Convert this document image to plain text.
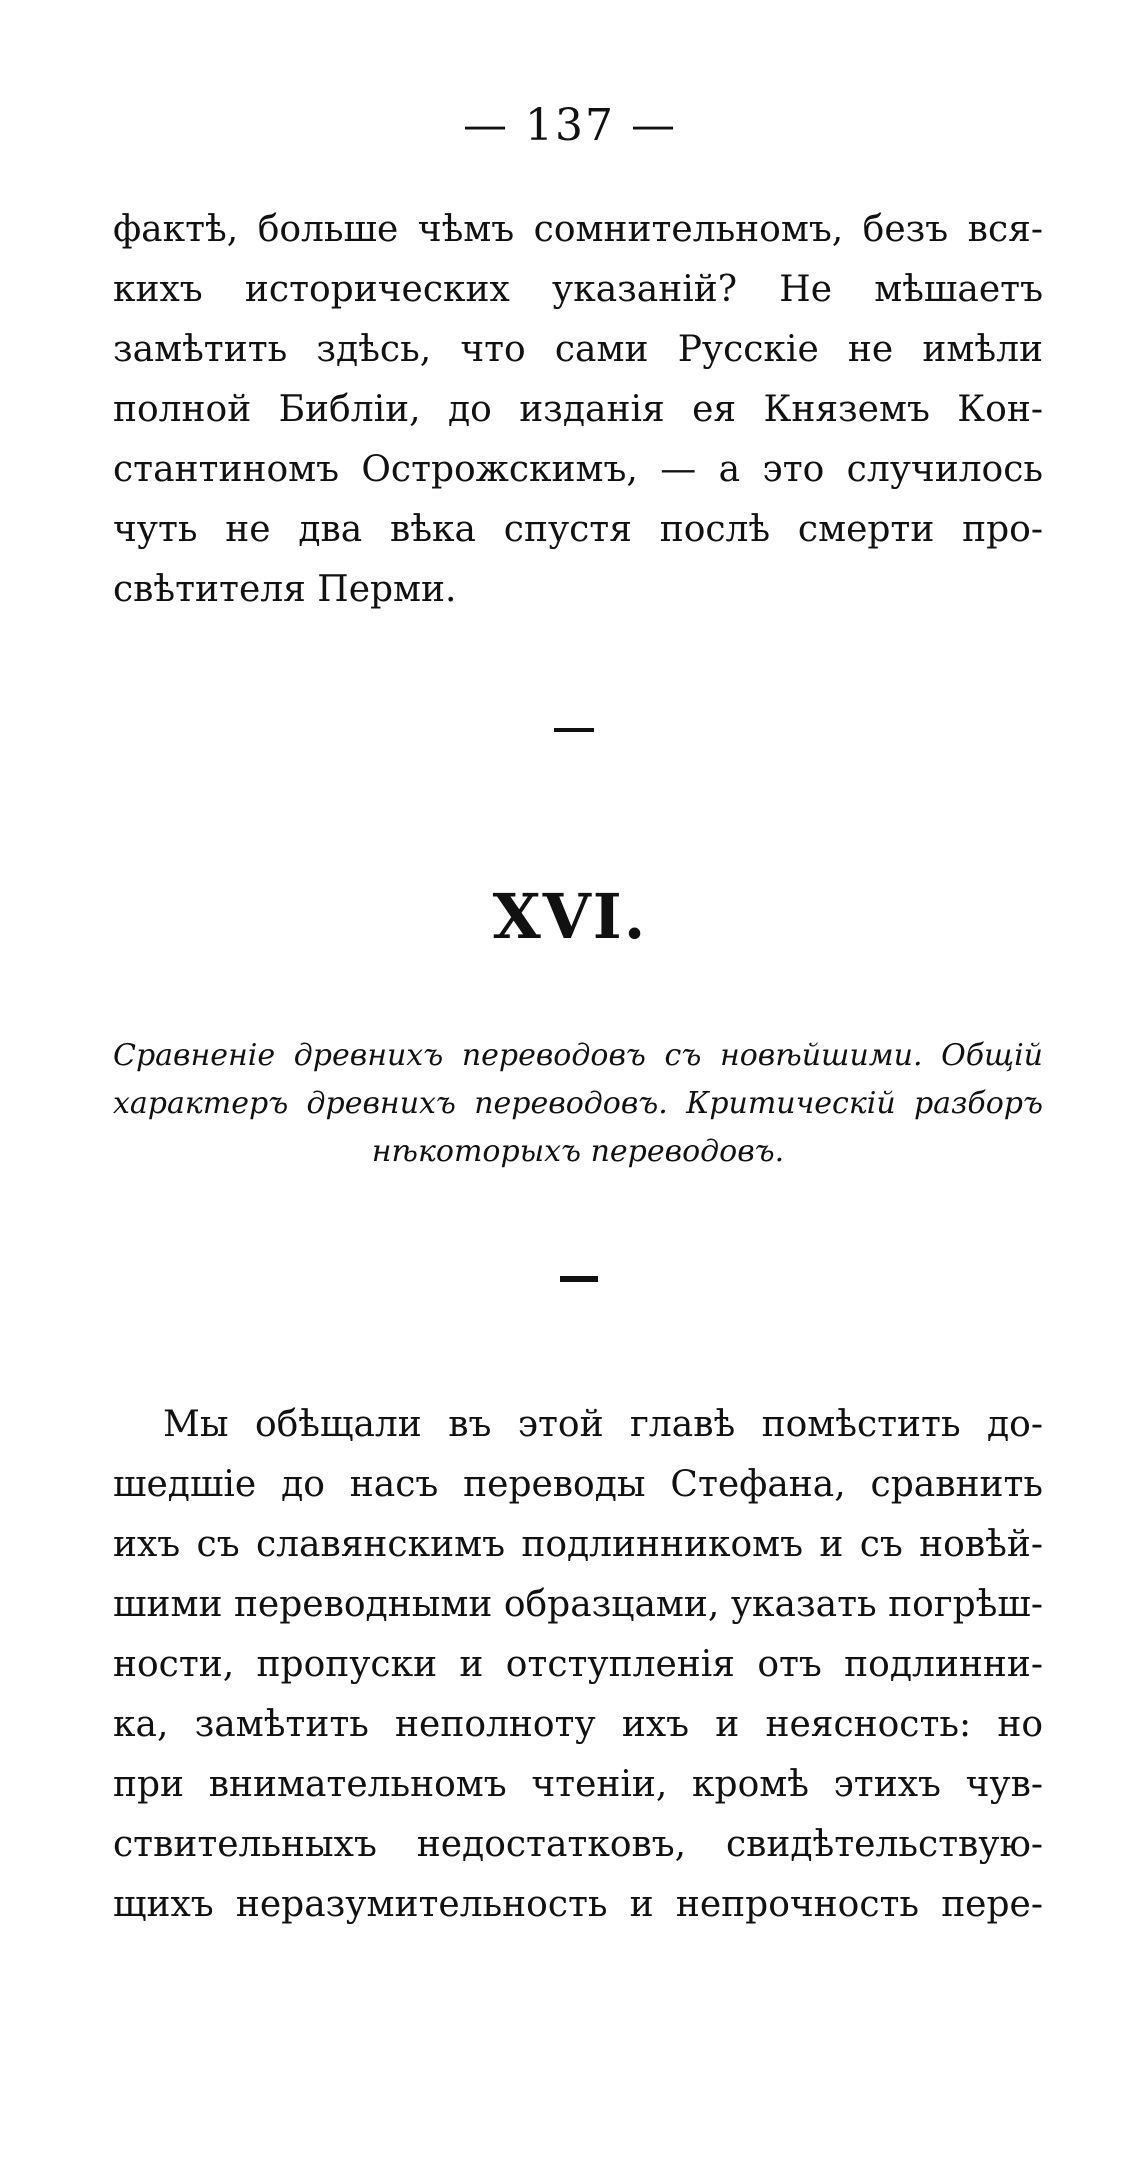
— 137 —
фактѣ, больше чѣмъ сомнительномъ, безъ вся-
кихъ исторических указаній? Не мѣшаетъ
замѣтить здѣсь, что сами Русскіе не имѣли
полной Библіи, до изданія ея Княземъ Кон-
стантиномъ Острожскимъ, — а это случилось
чуть не два вѣка спустя послѣ смерти про-
свѣтителя Перми.
XVI.
Сравненіе древнихъ переводовъ съ новѣйшими. Общій
характеръ древнихъ переводовъ. Критическій разборъ
нѣкоторыхъ переводовъ.
Мы обѣщали въ этой главѣ помѣстить до-
шедшіе до насъ переводы Стефана, сравнить
ихъ съ славянскимъ подлинникомъ и съ новѣй-
шими переводными образцами, указать погрѣш-
ности, пропуски и отступленія отъ подлинни-
ка, замѣтить неполноту ихъ и неясность: но
при внимательномъ чтеніи, кромѣ этихъ чув-
ствительныхъ недостатковъ, свидѣтельствую-
щихъ неразумительность и непрочность пере-
